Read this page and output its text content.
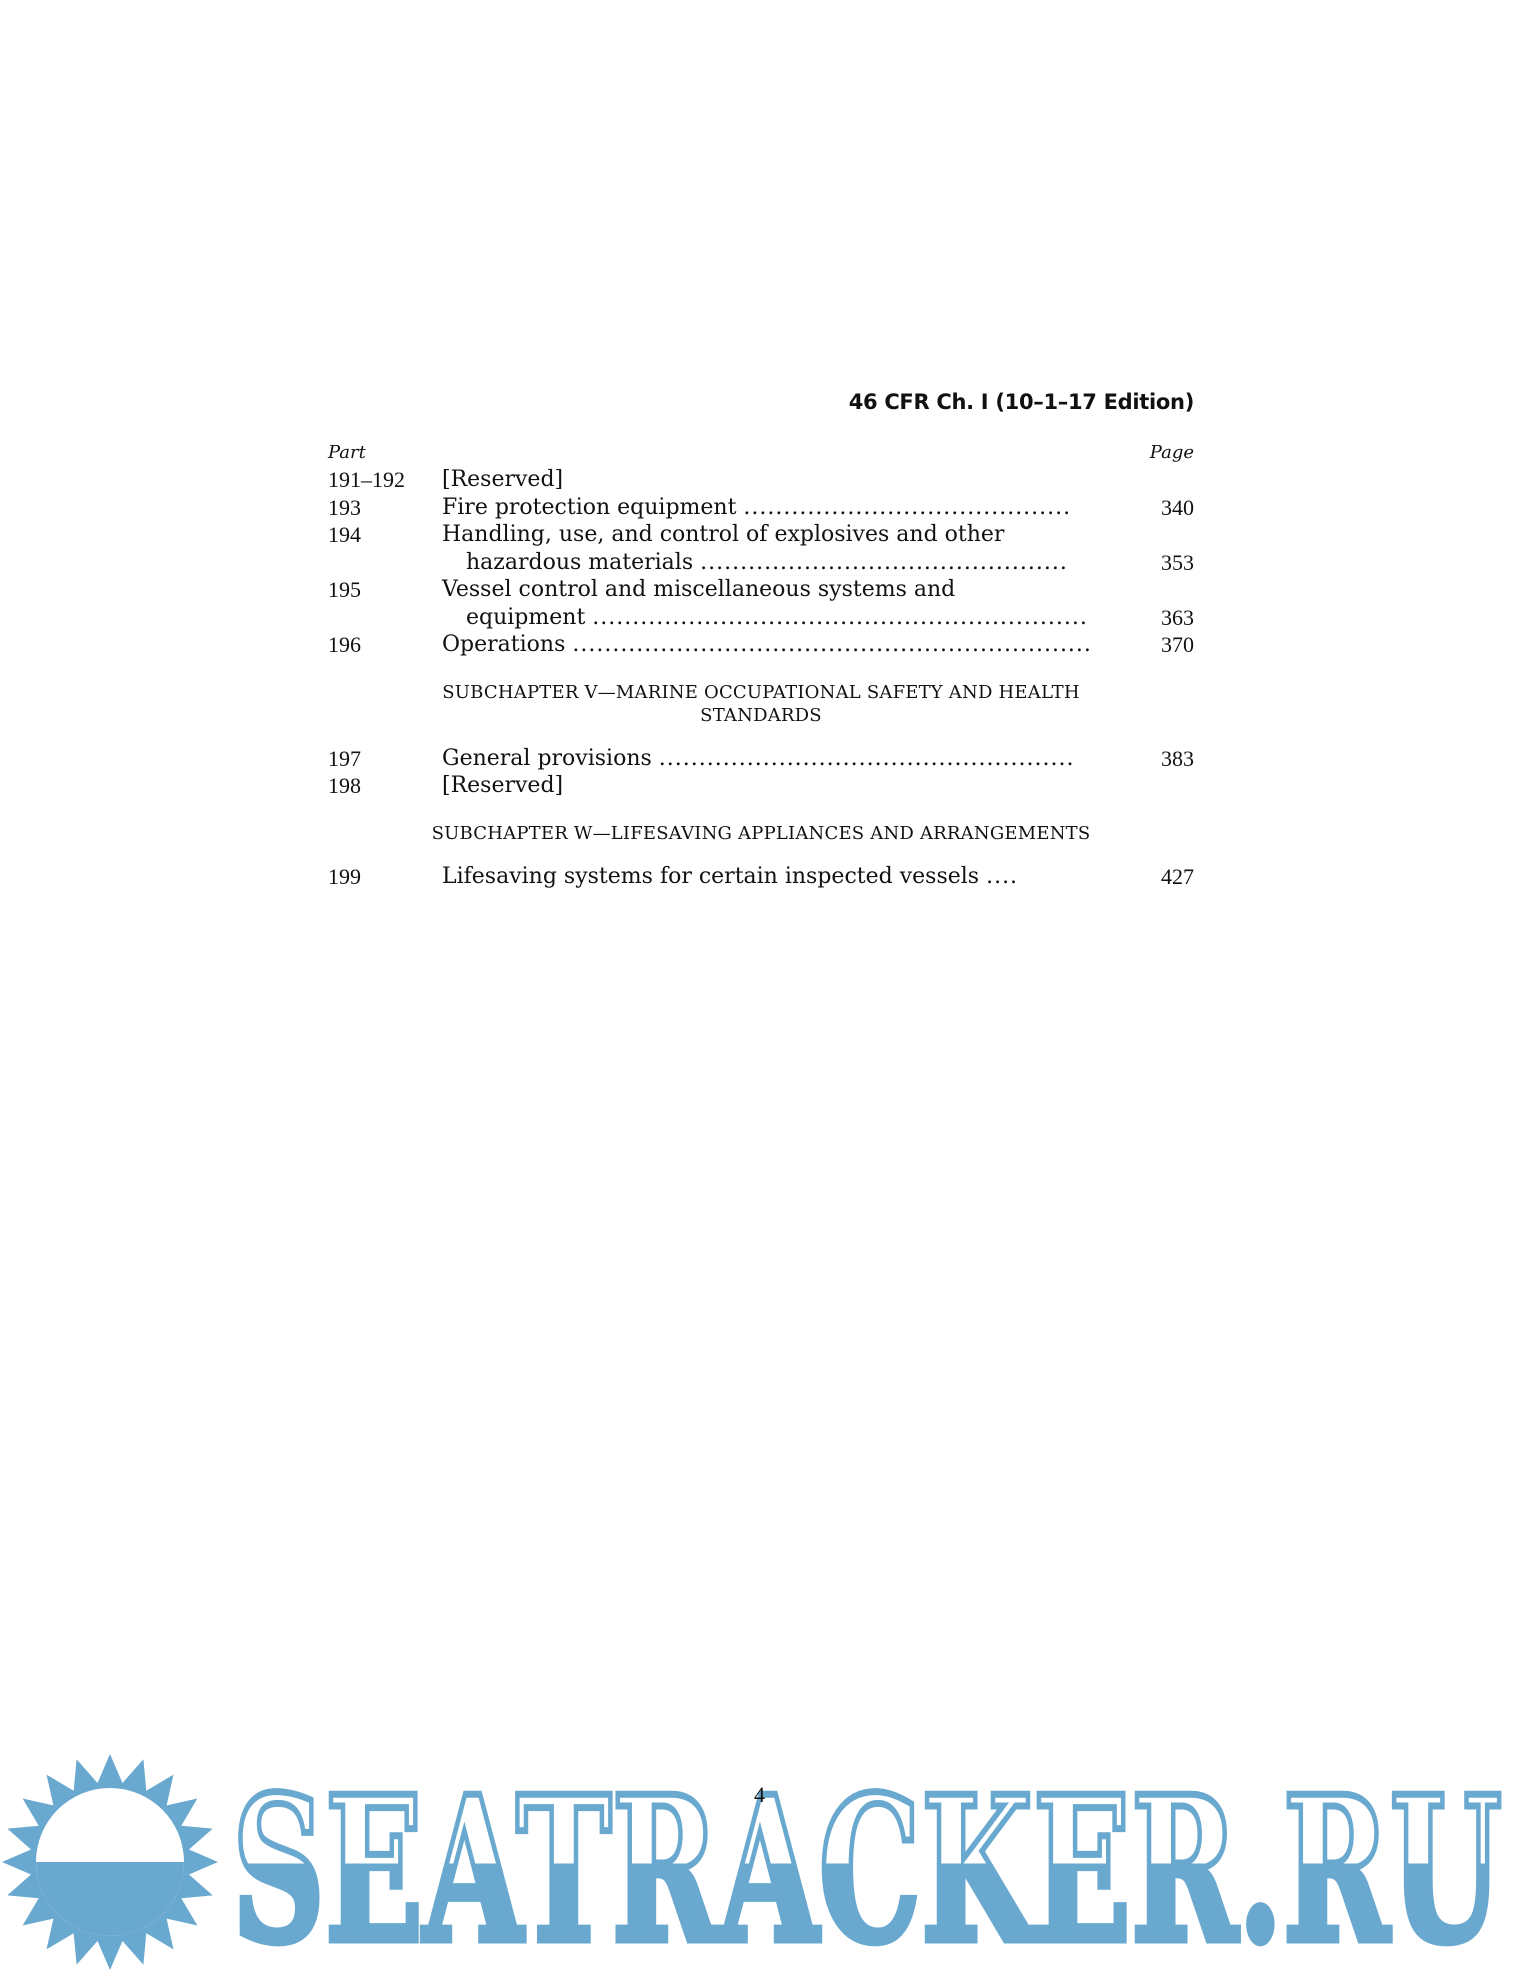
46 CFR Ch. I (10–1–17 Edition)
Part	Page
191–192 [Reserved]
193	Fire protection equipment .........................................	340
194	Handling, use, and control of explosives and other
hazardous materials ..............................................	353
195	Vessel control and miscellaneous systems and
equipment ..............................................................	363
196	Operations .................................................................	370
SUBCHAPTER V—MARINE OCCUPATIONAL SAFETY AND HEALTH
STANDARDS
197	General provisions ....................................................	383
198	[Reserved]
SUBCHAPTER W—LIFESAVING APPLIANCES AND ARRANGEMENTS
199	Lifesaving systems for certain inspected vessels ....	427
4
SEATRACKER.RU
